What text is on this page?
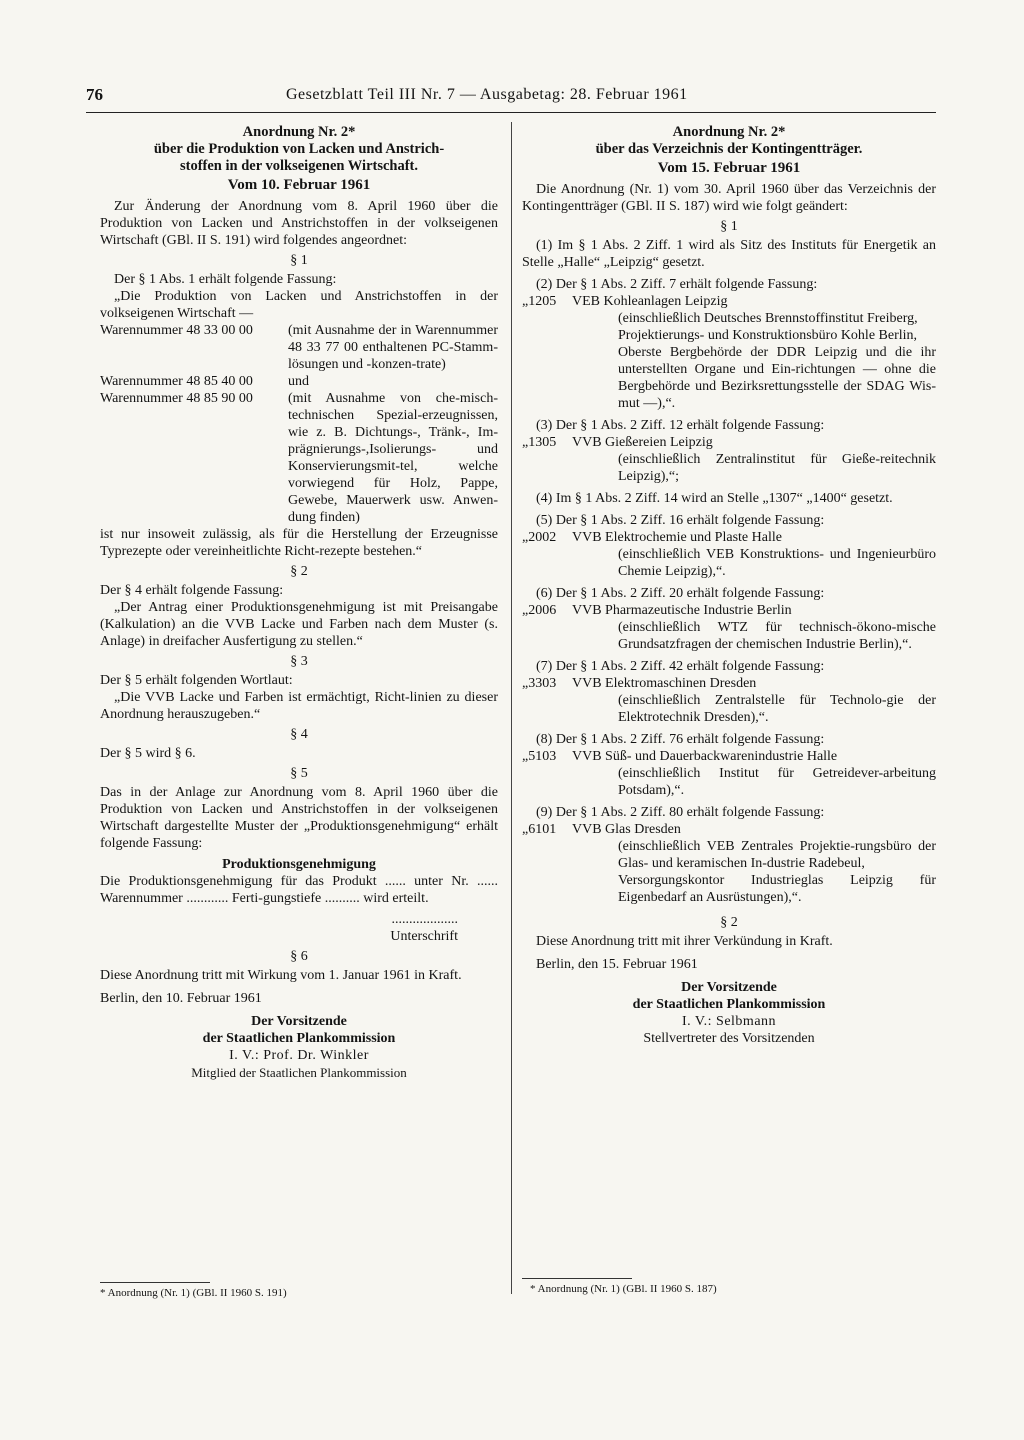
76	Gesetzblatt Teil III Nr. 7 — Ausgabetag: 28. Februar 1961
Anordnung Nr. 2*
über die Produktion von Lacken und Anstrich-
stoffen in der volkseigenen Wirtschaft.
Vom 10. Februar 1961

Zur Änderung der Anordnung vom 8. April 1960 über die Produktion von Lacken und Anstrichstoffen in der volkseigenen Wirtschaft (GBl. II S. 191) wird folgendes angeordnet:

§ 1

Der § 1 Abs. 1 erhält folgende Fassung:

„Die Produktion von Lacken und Anstrichstoffen in der volkseigenen Wirtschaft —

Warennummer 48 33 00 00	(mit Ausnahme der in Warennummer 48 33 77 00 enthaltenen PC-Stamm-lösungen und -konzen-trate)
Warennummer 48 85 40 00	und
Warennummer 48 85 90 00	(mit Ausnahme von che-misch-technischen Spezial-erzeugnissen, wie z. B. Dichtungs-, Tränk-, Im-prägnierungs-,Isolierungs- und Konservierungsmit-tel, welche vorwiegend für Holz, Pappe, Gewebe, Mauerwerk usw. Anwen-dung finden)

ist nur insoweit zulässig, als für die Herstellung der Erzeugnisse Typrezepte oder vereinheitlichte Richt-rezepte bestehen.“

§ 2

Der § 4 erhält folgende Fassung:

„Der Antrag einer Produktionsgenehmigung ist mit Preisangabe (Kalkulation) an die VVB Lacke und Farben nach dem Muster (s. Anlage) in dreifacher Ausfertigung zu stellen.“

§ 3

Der § 5 erhält folgenden Wortlaut:

„Die VVB Lacke und Farben ist ermächtigt, Richt-linien zu dieser Anordnung herauszugeben.“

§ 4

Der § 5 wird § 6.

§ 5

Das in der Anlage zur Anordnung vom 8. April 1960 über die Produktion von Lacken und Anstrichstoffen in der volkseigenen Wirtschaft dargestellte Muster der „Produktionsgenehmigung“ erhält folgende Fassung:

Produktionsgenehmigung

Die Produktionsgenehmigung für das Produkt ...... unter Nr. ...... Warennummer ............ Ferti-gungstiefe .......... wird erteilt.

...................
Unterschrift
§ 6

Diese Anordnung tritt mit Wirkung vom 1. Januar 1961 in Kraft.

Berlin, den 10. Februar 1961

Der Vorsitzende
der Staatlichen Plankommission
I. V.: Prof. Dr. Winkler
Mitglied der Staatlichen Plankommission
* Anordnung (Nr. 1) (GBl. II 1960 S. 191)
Anordnung Nr. 2*
über das Verzeichnis der Kontingentträger.
Vom 15. Februar 1961

Die Anordnung (Nr. 1) vom 30. April 1960 über das Verzeichnis der Kontingentträger (GBl. II S. 187) wird wie folgt geändert:

§ 1

(1) Im § 1 Abs. 2 Ziff. 1 wird als Sitz des Instituts für Energetik an Stelle „Halle“ „Leipzig“ gesetzt.

(2) Der § 1 Abs. 2 Ziff. 7 erhält folgende Fassung:

„1205	VEB Kohleanlagen Leipzig
(einschließlich Deutsches Brennstoffinstitut Freiberg,
Projektierungs- und Konstruktionsbüro Kohle Berlin,
Oberste Bergbehörde der DDR Leipzig und die ihr unterstellten Organe und Ein-richtungen — ohne die Bergbehörde und Bezirksrettungsstelle der SDAG Wis-mut —),“.

(3) Der § 1 Abs. 2 Ziff. 12 erhält folgende Fassung:

„1305	VVB Gießereien Leipzig
(einschließlich Zentralinstitut für Gieße-reitechnik Leipzig),“;

(4) Im § 1 Abs. 2 Ziff. 14 wird an Stelle „1307“ „1400“ gesetzt.

(5) Der § 1 Abs. 2 Ziff. 16 erhält folgende Fassung:

„2002	VVB Elektrochemie und Plaste Halle
(einschließlich VEB Konstruktions- und Ingenieurbüro Chemie Leipzig),“.

(6) Der § 1 Abs. 2 Ziff. 20 erhält folgende Fassung:

„2006	VVB Pharmazeutische Industrie Berlin
(einschließlich WTZ für technisch-ökono-mische Grundsatzfragen der chemischen Industrie Berlin),“.

(7) Der § 1 Abs. 2 Ziff. 42 erhält folgende Fassung:

„3303	VVB Elektromaschinen Dresden
(einschließlich Zentralstelle für Technolo-gie der Elektrotechnik Dresden),“.

(8) Der § 1 Abs. 2 Ziff. 76 erhält folgende Fassung:

„5103	VVB Süß- und Dauerbackwarenindustrie Halle
(einschließlich Institut für Getreidever-arbeitung Potsdam),“.

(9) Der § 1 Abs. 2 Ziff. 80 erhält folgende Fassung:

„6101	VVB Glas Dresden
(einschließlich VEB Zentrales Projektie-rungsbüro der Glas- und keramischen In-dustrie Radebeul,
Versorgungskontor Industrieglas Leipzig für Eigenbedarf an Ausrüstungen),“.
§ 2

Diese Anordnung tritt mit ihrer Verkündung in Kraft.

Berlin, den 15. Februar 1961

Der Vorsitzende
der Staatlichen Plankommission
I. V.: Selbmann
Stellvertreter des Vorsitzenden
* Anordnung (Nr. 1) (GBl. II 1960 S. 187)
